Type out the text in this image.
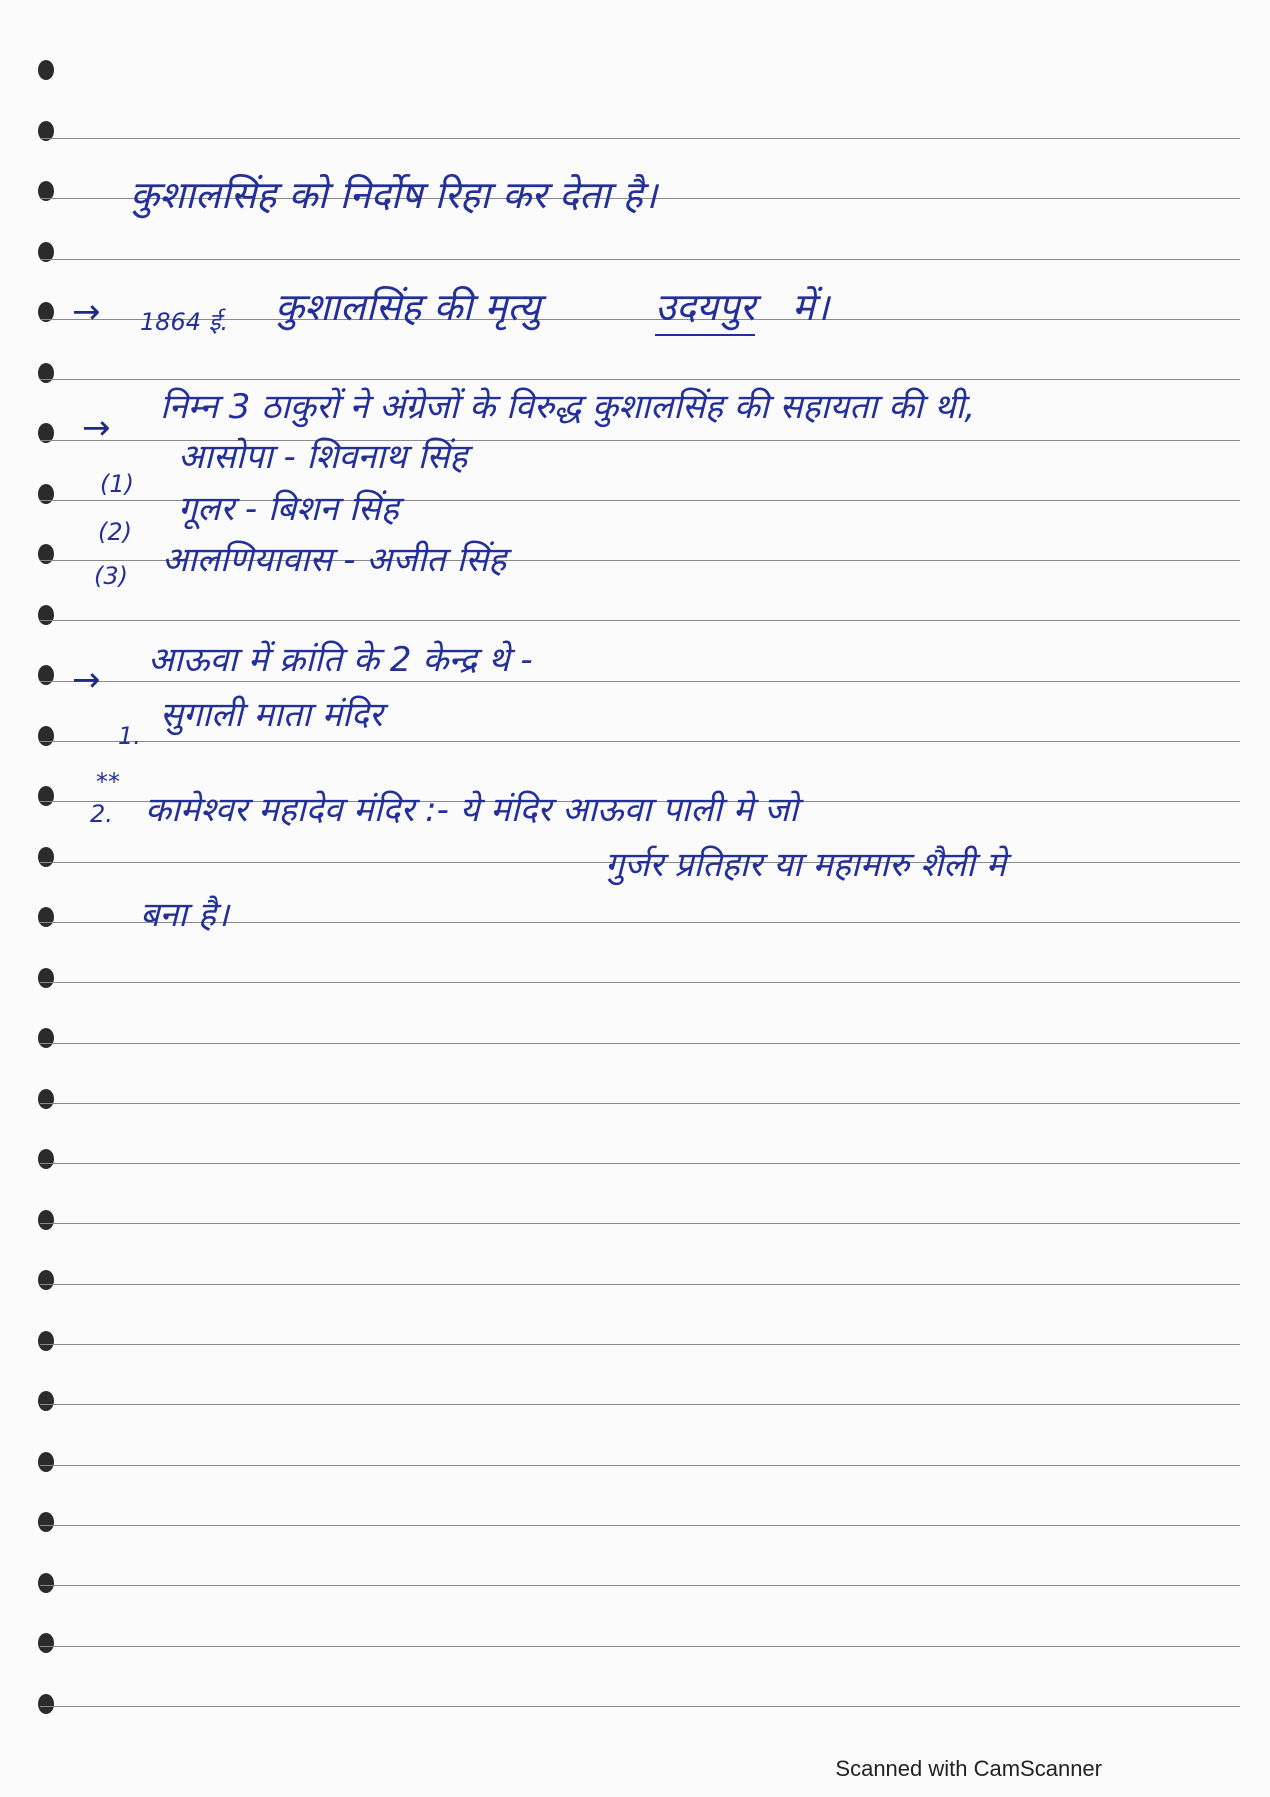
कुशालसिंह को निर्दोष रिहा कर देता है।
→ 1864 ई. कुशालसिंह की मृत्यु	उदयपुर में।
→
निम्न 3 ठाकुरों ने अंग्रेजों के विरुद्ध कुशालसिंह की सहायता की थी,
आसोपा - शिवनाथ सिंह
(1)
गूलर - बिशन सिंह
(2)
(3) आलणियावास - अजीत सिंह
→ आऊवा में क्रांति के 2 केन्द्र थे -
1.
सुगाली माता मंदिर
**
2. कामेश्वर महादेव मंदिर :- ये मंदिर आऊवा पाली मे जो
गुर्जर प्रतिहार या महामारु शैली मे
बना है।
Scanned with CamScanner
